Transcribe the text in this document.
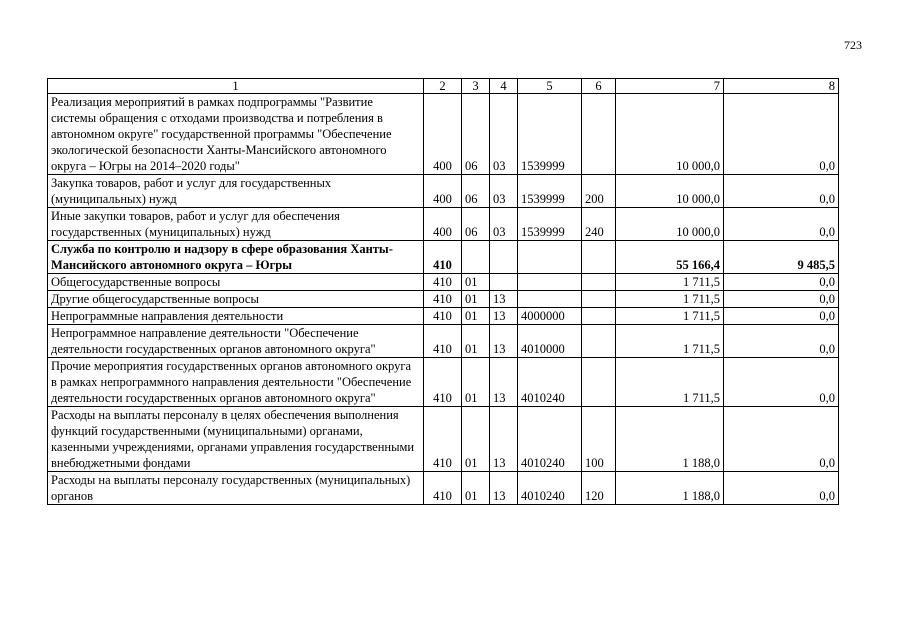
723
1	2	3	4	5	6	7	8
Реализация мероприятий в рамках подпрограммы "Развитие системы обращения с отходами производства и потребления в автономном округе" государственной программы "Обеспечение экологической безопасности Ханты-Мансийского автономного округа – Югры на 2014–2020 годы"	400	06	03	1539999		10 000,0	0,0
Закупка товаров, работ и услуг для государственных (муниципальных) нужд	400	06	03	1539999	200	10 000,0	0,0
Иные закупки товаров, работ и услуг для обеспечения государственных (муниципальных) нужд	400	06	03	1539999	240	10 000,0	0,0
Служба по контролю и надзору в сфере образования Ханты-Мансийского автономного округа – Югры	410					55 166,4	9 485,5
Общегосударственные вопросы	410	01				1 711,5	0,0
Другие общегосударственные вопросы	410	01	13			1 711,5	0,0
Непрограммные направления деятельности	410	01	13	4000000		1 711,5	0,0
Непрограммное направление деятельности "Обеспечение деятельности государственных органов автономного округа"	410	01	13	4010000		1 711,5	0,0
Прочие мероприятия государственных органов автономного округа в рамках непрограммного направления деятельности "Обеспечение деятельности государственных органов автономного округа"	410	01	13	4010240		1 711,5	0,0
Расходы на выплаты персоналу в целях обеспечения выполнения функций государственными (муниципальными) органами, казенными учреждениями, органами управления государственными внебюджетными фондами	410	01	13	4010240	100	1 188,0	0,0
Расходы на выплаты персоналу государственных (муниципальных) органов	410	01	13	4010240	120	1 188,0	0,0
